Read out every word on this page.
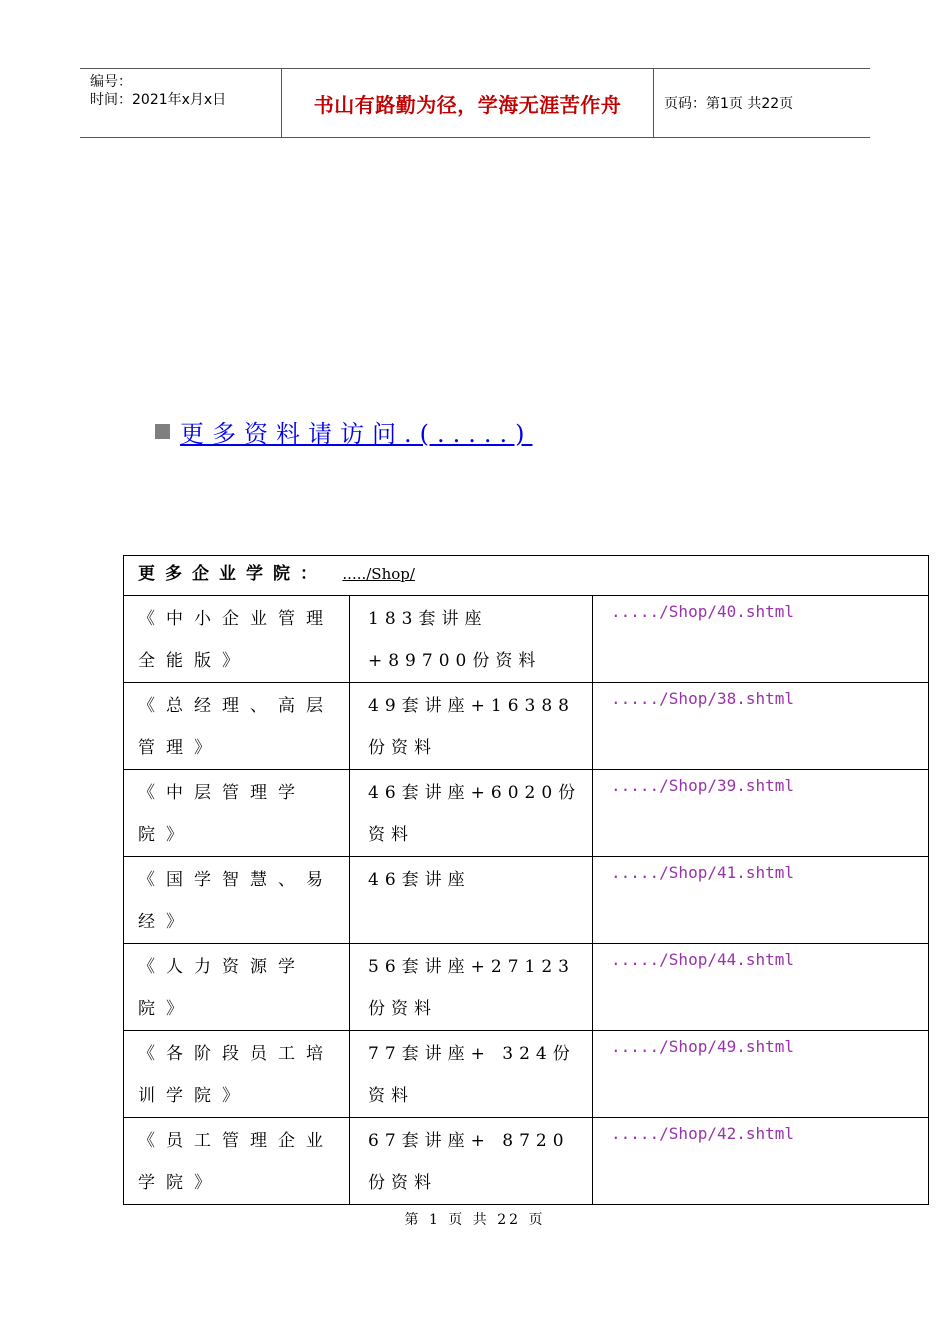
编号：
时间：2021年x月x日	书山有路勤为径，学海无涯苦作舟	页码：第1页 共22页
更多资料请访问.(.....)
更多企业学院： ...../Shop/		
《中小企业管理全能版》	183套讲座+89700份资料	...../Shop/40.shtml
《总经理、高层管理》	49套讲座+16388份资料	...../Shop/38.shtml
《中层管理学院》	46套讲座+6020份资料	...../Shop/39.shtml
《国学智慧、易经》	46套讲座	...../Shop/41.shtml
《人力资源学院》	56套讲座+27123份资料	...../Shop/44.shtml
《各阶段员工培训学院》	77套讲座+ 324份资料	...../Shop/49.shtml
《员工管理企业学院》	67套讲座+ 8720份资料	...../Shop/42.shtml
第 1 页 共 22 页
